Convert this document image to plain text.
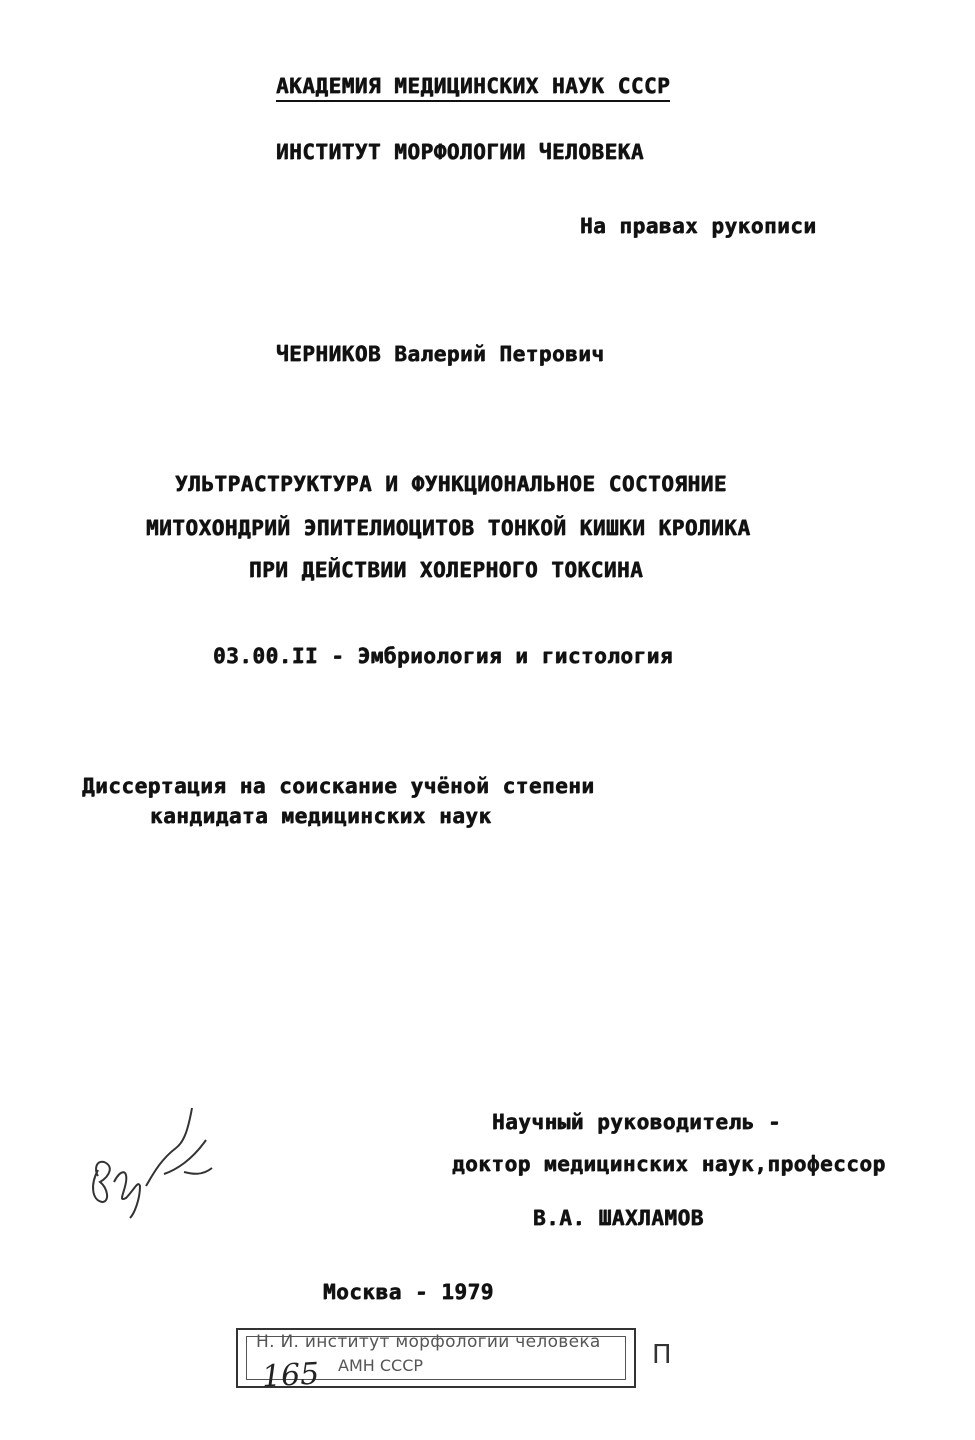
АКАДЕМИЯ МЕДИЦИНСКИХ НАУК СССР
ИНСТИТУТ МОРФОЛОГИИ ЧЕЛОВЕКА
На правах рукописи
ЧЕРНИКОВ Валерий Петрович
УЛЬТРАСТРУКТУРА И ФУНКЦИОНАЛЬНОЕ СОСТОЯНИЕ
МИТОХОНДРИЙ ЭПИТЕЛИОЦИТОВ ТОНКОЙ КИШКИ КРОЛИКА
ПРИ ДЕЙСТВИИ ХОЛЕРНОГО ТОКСИНА
03.00.II - Эмбриология и гистология
Диссертация на соискание учёной степени
кандидата медицинских наук
Научный руководитель -
доктор медицинских наук,профессор
В.А. ШАХЛАМОВ
Москва - 1979
Н. И. институт морфологии человека
АМН СССР
165
П
